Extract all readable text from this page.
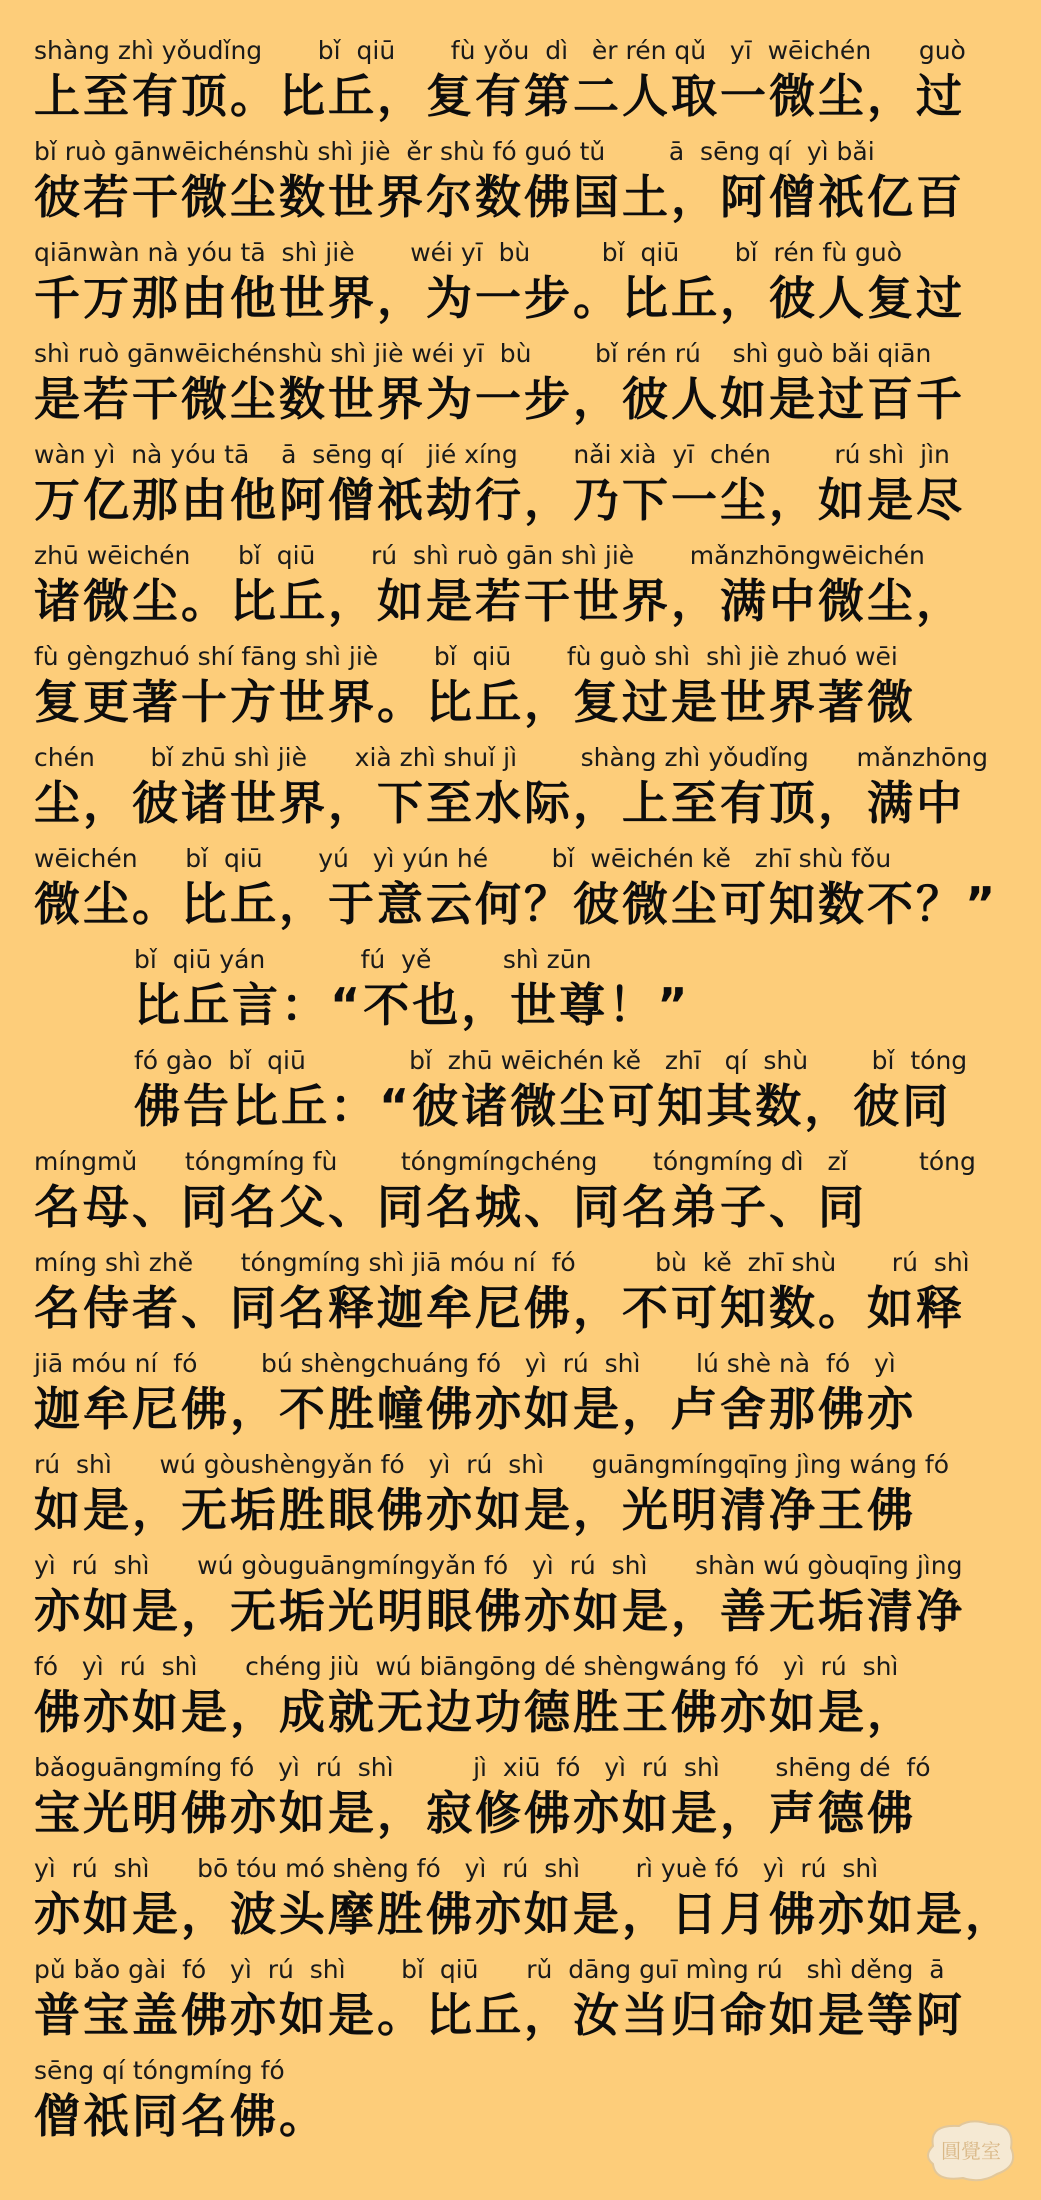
shàng zhì yǒudǐng       bǐ  qiū       fù yǒu  dì   èr rén qǔ   yī  wēichén      guò
上至有顶。比丘，复有第二人取一微尘，过
bǐ ruò gānwēichénshù shì jiè  ěr shù fó guó tǔ        ā  sēng qí  yì bǎi
彼若干微尘数世界尔数佛国土，阿僧祇亿百
qiānwàn nà yóu tā  shì jiè       wéi yī  bù         bǐ  qiū       bǐ  rén fù guò
千万那由他世界，为一步。比丘，彼人复过
shì ruò gānwēichénshù shì jiè wéi yī  bù        bǐ rén rú    shì guò bǎi qiān
是若干微尘数世界为一步，彼人如是过百千
wàn yì  nà yóu tā    ā  sēng qí   jié xíng       nǎi xià  yī  chén        rú shì  jìn
万亿那由他阿僧祇劫行，乃下一尘，如是尽
zhū wēichén      bǐ  qiū       rú  shì ruò gān shì jiè       mǎnzhōngwēichén
诸微尘。比丘，如是若干世界，满中微尘，
fù gèngzhuó shí fāng shì jiè       bǐ  qiū       fù guò shì  shì jiè zhuó wēi
复更著十方世界。比丘，复过是世界著微
chén       bǐ zhū shì jiè      xià zhì shuǐ jì        shàng zhì yǒudǐng      mǎnzhōng
尘，彼诸世界，下至水际，上至有顶，满中
wēichén      bǐ  qiū       yú   yì yún hé        bǐ  wēichén kě   zhī shù fǒu
微尘。比丘，于意云何？彼微尘可知数不？”
bǐ  qiū yán            fú  yě         shì zūn
比丘言：“不也，世尊！”
fó gào  bǐ  qiū             bǐ  zhū wēichén kě   zhī   qí  shù        bǐ  tóng
佛告比丘：“彼诸微尘可知其数，彼同
míngmǔ      tóngmíng fù        tóngmíngchéng       tóngmíng dì   zǐ         tóng
名母、同名父、同名城、同名弟子、同
míng shì zhě      tóngmíng shì jiā móu ní  fó          bù  kě  zhī shù       rú  shì
名侍者、同名释迦牟尼佛，不可知数。如释
jiā móu ní  fó        bú shèngchuáng fó   yì  rú  shì       lú shè nà  fó   yì
迦牟尼佛，不胜幢佛亦如是，卢舍那佛亦
rú  shì      wú gòushèngyǎn fó   yì  rú  shì      guāngmíngqīng jìng wáng fó
如是，无垢胜眼佛亦如是，光明清净王佛
yì  rú  shì      wú gòuguāngmíngyǎn fó   yì  rú  shì      shàn wú gòuqīng jìng
亦如是，无垢光明眼佛亦如是，善无垢清净
fó   yì  rú  shì      chéng jiù  wú biāngōng dé shèngwáng fó   yì  rú  shì
佛亦如是，成就无边功德胜王佛亦如是，
bǎoguāngmíng fó   yì  rú  shì          jì  xiū  fó   yì  rú  shì       shēng dé  fó
宝光明佛亦如是，寂修佛亦如是，声德佛
yì  rú  shì      bō tóu mó shèng fó   yì  rú  shì       rì yuè fó   yì  rú  shì
亦如是，波头摩胜佛亦如是，日月佛亦如是，
pǔ bǎo gài  fó   yì  rú  shì       bǐ  qiū      rǔ  dāng guī mìng rú   shì děng  ā
普宝盖佛亦如是。比丘，汝当归命如是等阿
sēng qí tóngmíng fó
僧祇同名佛。
圓覺室
